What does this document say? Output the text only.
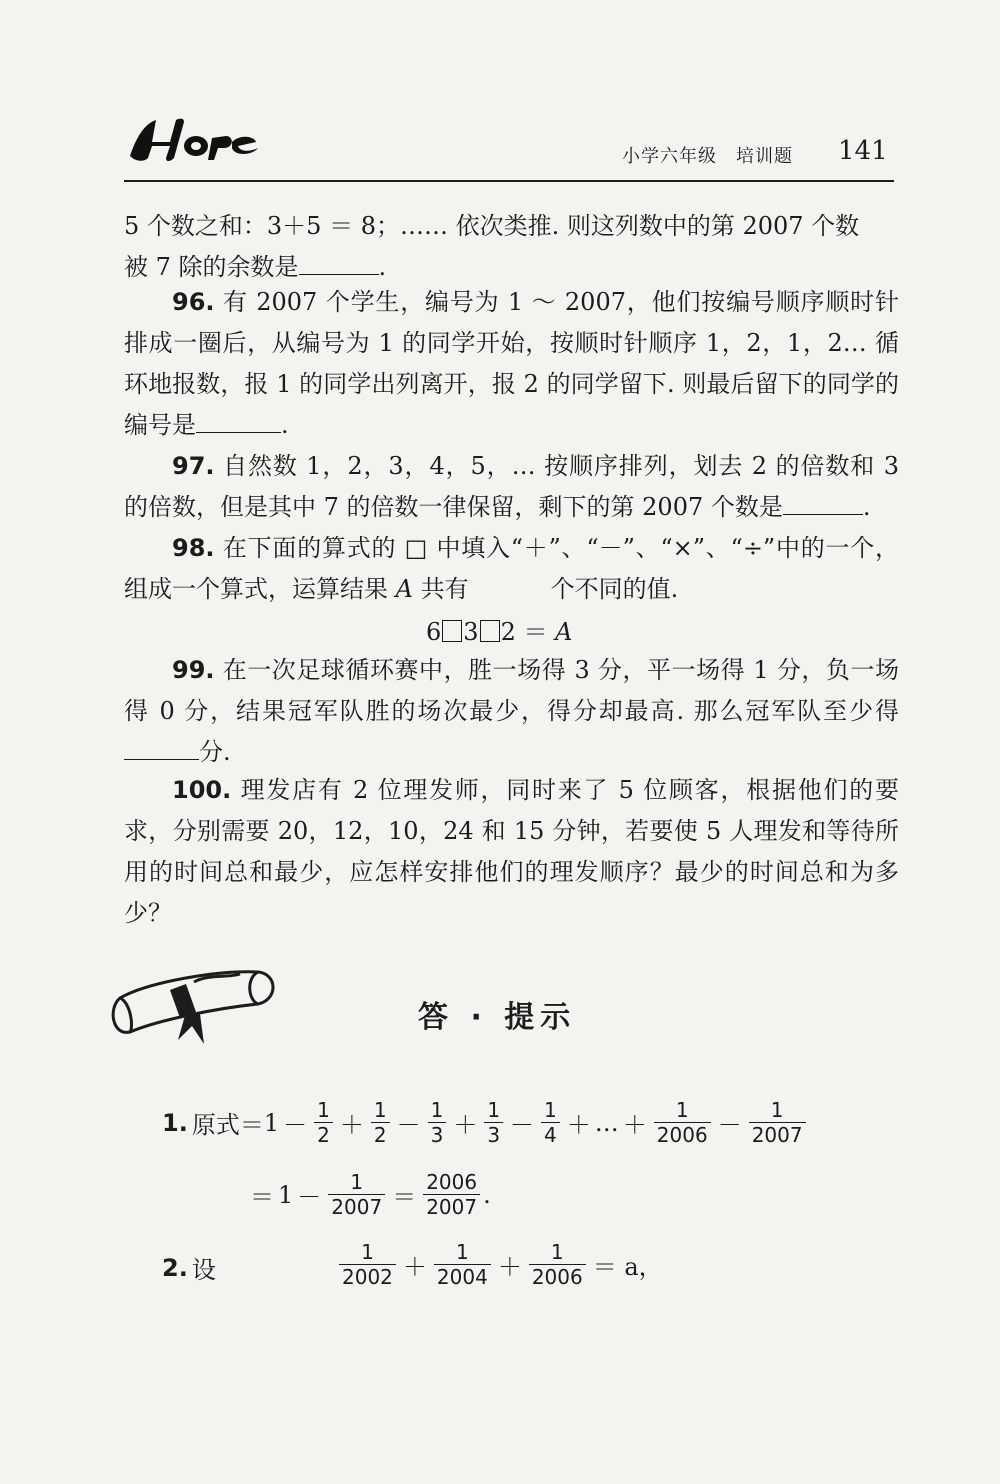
小学六年级　培训题 141

5 个数之和：3＋5 ＝ 8；…… 依次类推. 则这列数中的第 2007 个数
被 7 除的余数是	.

96. 有 2007 个学生，编号为 1 ～ 2007，他们按编号顺序顺时针排成一圈后，从编号为 1 的同学开始，按顺时针顺序 1，2，1，2… 循环地报数，报 1 的同学出列离开，报 2 的同学留下. 则最后留下的同学的编号是	.

97. 自然数 1，2，3，4，5，… 按顺序排列，划去 2 的倍数和 3 的倍数，但是其中 7 的倍数一律保留，剩下的第 2007 个数是	.

98. 在下面的算式的 □ 中填入“＋”、“－”、“×”、“÷”中的一个，组成一个算式，运算结果 A 共有	个不同的值.

6 3 2 ＝ A

99. 在一次足球循环赛中，胜一场得 3 分，平一场得 1 分，负一场得 0 分，结果冠军队胜的场次最少，得分却最高. 那么冠军队至少得分.

100. 理发店有 2 位理发师，同时来了 5 位顾客，根据他们的要求，分别需要 20，12，10，24 和 15 分钟，若要使 5 人理发和等待所用的时间总和最少，应怎样安排他们的理发顺序？最少的时间总和为多少？

答 · 提示
1. 原式＝ $1 - \frac{1}{2} + \frac{1}{2} - \frac{1}{3} + \frac{1}{3} - \frac{1}{4}$ ＋ … ＋ $\frac{1}{2006} - \frac{1}{2007}$
＝ $1 - \frac{1}{2007} = \frac{2006}{2007}$ .
2. 设	$\frac{1}{2002} + \frac{1}{2004} + \frac{1}{2006} = a$，
